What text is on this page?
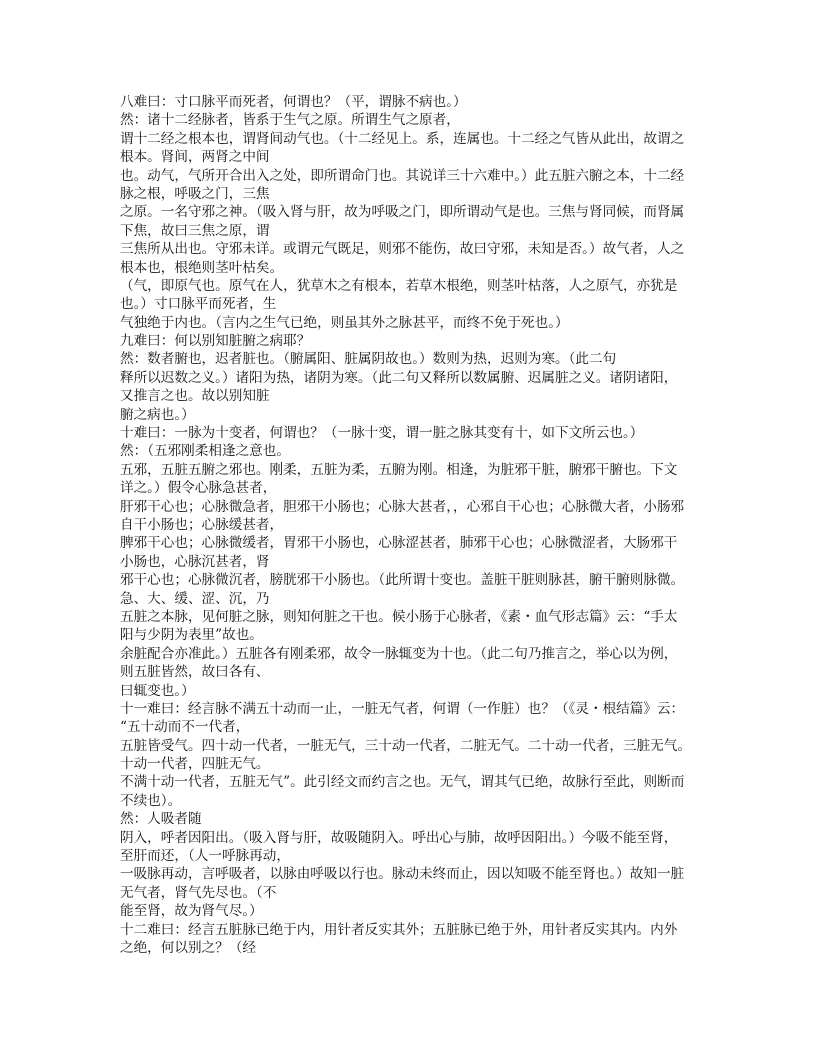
八难曰：寸口脉平而死者，何谓也？（平，谓脉不病也。）
然：诸十二经脉者，皆系于生气之原。所谓生气之原者，
谓十二经之根本也，谓肾间动气也。（十二经见上。系，连属也。十二经之气皆从此出，故谓之
根本。肾间，两肾之中间
也。动气，气所开合出入之处，即所谓命门也。其说详三十六难中。）此五脏六腑之本，十二经
脉之根，呼吸之门，三焦
之原。一名守邪之神。（吸入肾与肝，故为呼吸之门，即所谓动气是也。三焦与肾同候，而肾属
下焦，故曰三焦之原，谓
三焦所从出也。守邪未详。或谓元气既足，则邪不能伤，故曰守邪，未知是否。）故气者，人之
根本也，根绝则茎叶枯矣。
（气，即原气也。原气在人，犹草木之有根本，若草木根绝，则茎叶枯落，人之原气，亦犹是
也。）寸口脉平而死者，生
气独绝于内也。（言内之生气已绝，则虽其外之脉甚平，而终不免于死也。）
九难曰：何以别知脏腑之病耶？
然：数者腑也，迟者脏也。（腑属阳、脏属阴故也。）数则为热，迟则为寒。（此二句
释所以迟数之义。）诸阳为热，诸阴为寒。（此二句又释所以数属腑、迟属脏之义。诸阴诸阳，
又推言之也。故以别知脏
腑之病也。）
十难曰：一脉为十变者，何谓也？（一脉十变，谓一脏之脉其变有十，如下文所云也。）
然：（五邪刚柔相逢之意也。
五邪，五脏五腑之邪也。刚柔，五脏为柔，五腑为刚。相逢，为脏邪干脏，腑邪干腑也。下文
详之。）假令心脉急甚者，
肝邪干心也；心脉微急者，胆邪干小肠也；心脉大甚者，，心邪自干心也；心脉微大者，小肠邪
自干小肠也；心脉缓甚者，
脾邪干心也；心脉微缓者，胃邪干小肠也，心脉涩甚者，肺邪干心也；心脉微涩者，大肠邪干
小肠也，心脉沉甚者，肾
邪干心也；心脉微沉者，膀胱邪干小肠也。（此所谓十变也。盖脏干脏则脉甚，腑干腑则脉微。
急、大、缓、涩、沉，乃
五脏之本脉，见何脏之脉，则知何脏之干也。候小肠于心脉者，《素・血气形志篇》云：“手太
阳与少阴为表里”故也。
余脏配合亦准此。）五脏各有刚柔邪，故令一脉辄变为十也。（此二句乃推言之，举心以为例，
则五脏皆然，故曰各有、
曰辄变也。）
十一难曰：经言脉不满五十动而一止，一脏无气者，何谓（一作脏）也？（《灵・根结篇》云：
“五十动而不一代者，
五脏皆受气。四十动一代者，一脏无气，三十动一代者，二脏无气。二十动一代者，三脏无气。
十动一代者，四脏无气。
不满十动一代者，五脏无气”。此引经文而约言之也。无气，谓其气已绝，故脉行至此，则断而
不续也）。
然：人吸者随
阴入，呼者因阳出。（吸入肾与肝，故吸随阴入。呼出心与肺，故呼因阳出。）今吸不能至肾，
至肝而还，（人一呼脉再动，
一吸脉再动，言呼吸者，以脉由呼吸以行也。脉动未终而止，因以知吸不能至肾也。）故知一脏
无气者，肾气先尽也。（不
能至肾，故为肾气尽。）
十二难曰：经言五脏脉已绝于内，用针者反实其外；五脏脉已绝于外，用针者反实其内。内外
之绝，何以别之？（经
